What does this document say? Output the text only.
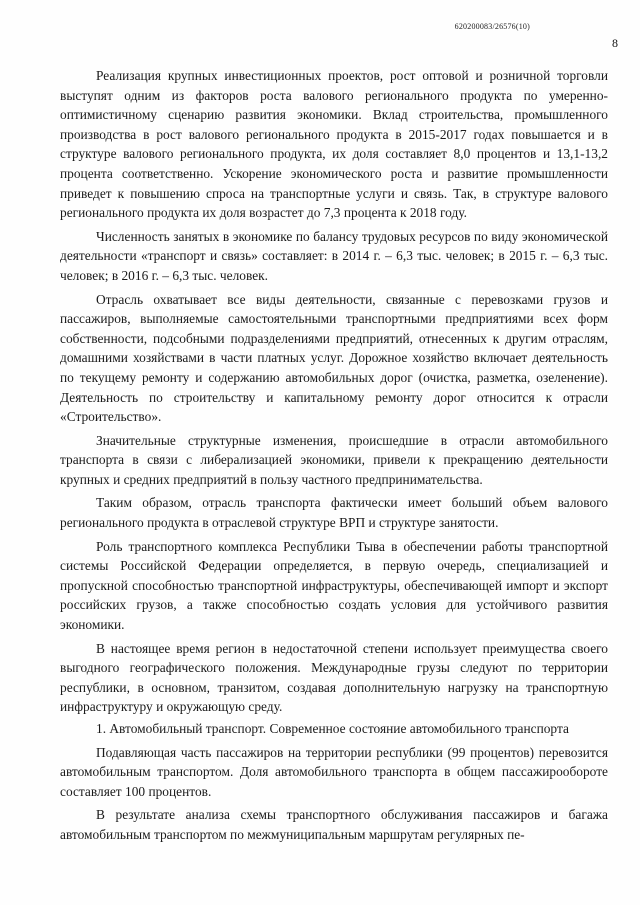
620200083/26576(10)
8

Реализация крупных инвестиционных проектов, рост оптовой и розничной торговли выступят одним из факторов роста валового регионального продукта по умеренно-оптимистичному сценарию развития экономики. Вклад строительства, промышленного производства в рост валового регионального продукта в 2015-2017 годах повышается и в структуре валового регионального продукта, их доля составляет 8,0 процентов и 13,1-13,2 процента соответственно. Ускорение экономического роста и развитие промышленности приведет к повышению спроса на транспортные услуги и связь. Так, в структуре валового регионального продукта их доля возрастет до 7,3 процента к 2018 году.

Численность занятых в экономике по балансу трудовых ресурсов по виду экономической деятельности «транспорт и связь» составляет: в 2014 г. – 6,3 тыс. человек; в 2015 г. – 6,3 тыс. человек; в 2016 г. – 6,3 тыс. человек.

Отрасль охватывает все виды деятельности, связанные с перевозками грузов и пассажиров, выполняемые самостоятельными транспортными предприятиями всех форм собственности, подсобными подразделениями предприятий, отнесенных к другим отраслям, домашними хозяйствами в части платных услуг. Дорожное хозяйство включает деятельность по текущему ремонту и содержанию автомобильных дорог (очистка, разметка, озеленение). Деятельность по строительству и капитальному ремонту дорог относится к отрасли «Строительство».

Значительные структурные изменения, происшедшие в отрасли автомобильного транспорта в связи с либерализацией экономики, привели к прекращению деятельности крупных и средних предприятий в пользу частного предпринимательства.

Таким образом, отрасль транспорта фактически имеет больший объем валового регионального продукта в отраслевой структуре ВРП и структуре занятости.

Роль транспортного комплекса Республики Тыва в обеспечении работы транспортной системы Российской Федерации определяется, в первую очередь, специализацией и пропускной способностью транспортной инфраструктуры, обеспечивающей импорт и экспорт российских грузов, а также способностью создать условия для устойчивого развития экономики.

В настоящее время регион в недостаточной степени использует преимущества своего выгодного географического положения. Международные грузы следуют по территории республики, в основном, транзитом, создавая дополнительную нагрузку на транспортную инфраструктуру и окружающую среду.

1. Автомобильный транспорт. Современное состояние автомобильного транспорта

Подавляющая часть пассажиров на территории республики (99 процентов) перевозится автомобильным транспортом. Доля автомобильного транспорта в общем пассажирообороте составляет 100 процентов.

В результате анализа схемы транспортного обслуживания пассажиров и багажа автомобильным транспортом по межмуниципальным маршрутам регулярных пе-
